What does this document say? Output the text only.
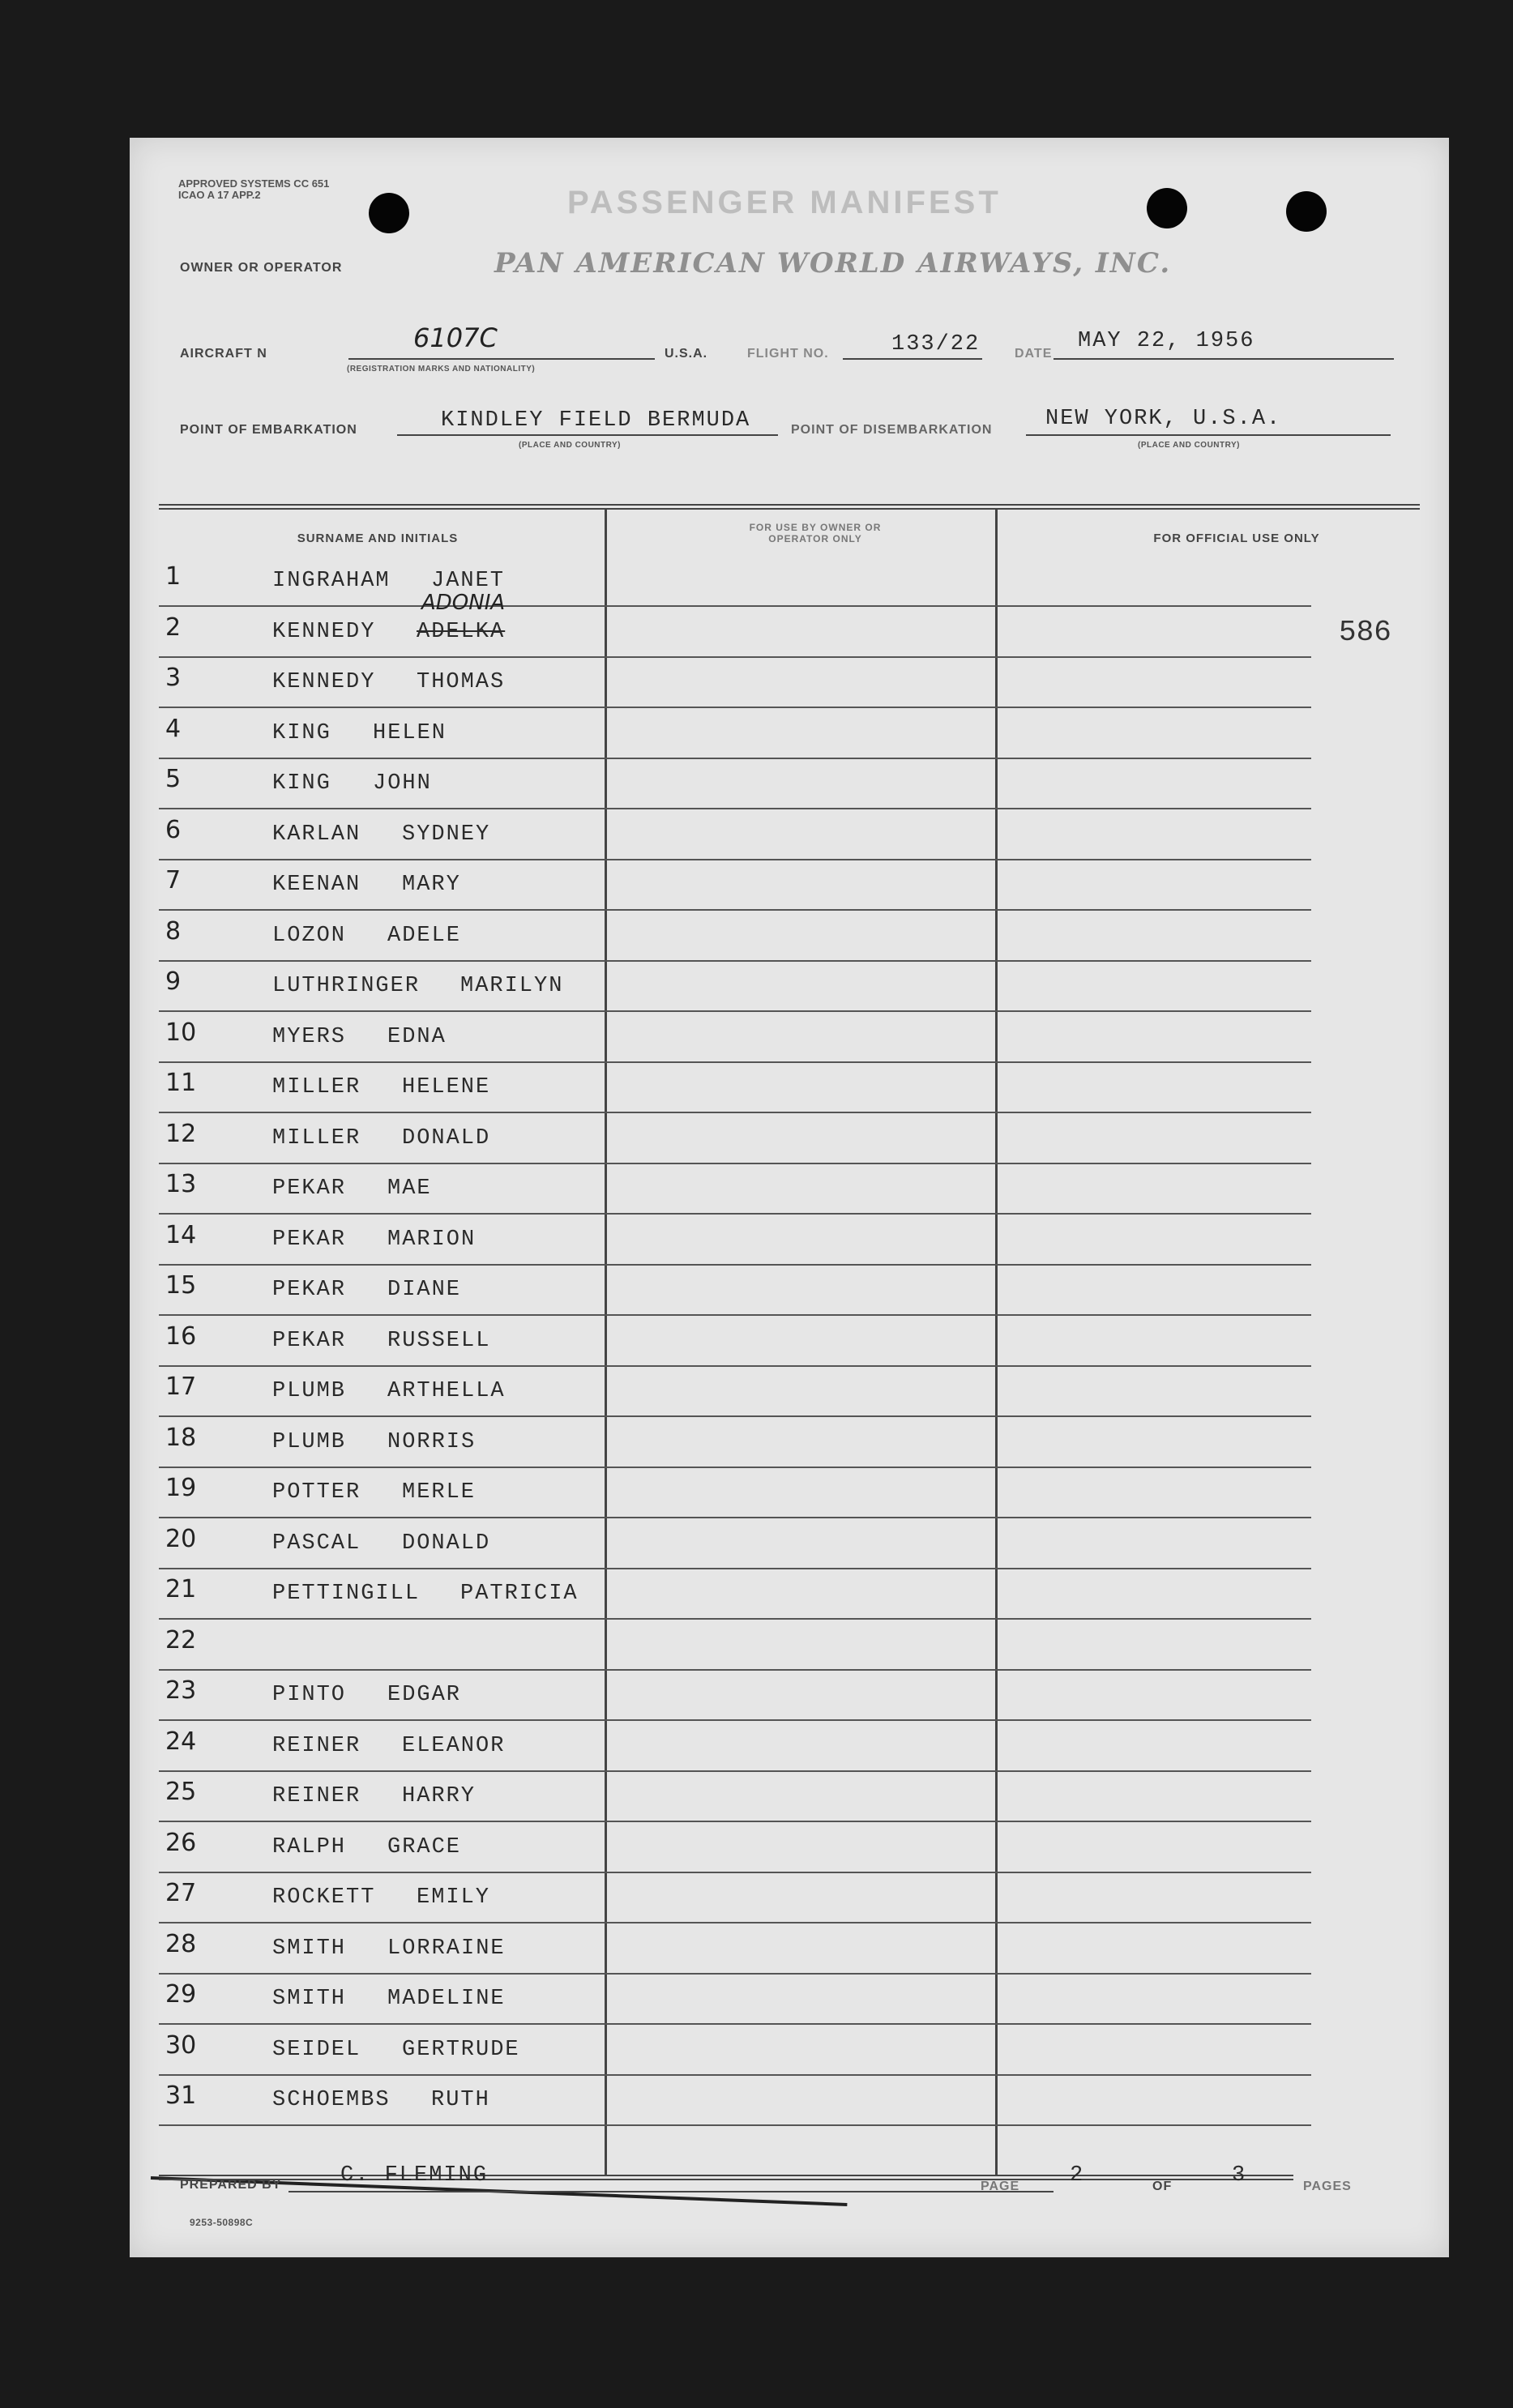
APPROVED SYSTEMS CC 651 ICAO A 17 APP.2	PASSENGER MANIFEST
OWNER OR OPERATOR	PAN AMERICAN WORLD AIRWAYS, INC.
AIRCRAFT N
6107C
(REGISTRATION MARKS AND NATIONALITY)
U.S.A.	FLIGHT NO.	133/22	DATE
MAY 22, 1956
POINT OF EMBARKATION	KINDLEY FIELD BERMUDA
(PLACE AND COUNTRY)
POINT OF DISEMBARKATION NEW YORK, U.S.A.
(PLACE AND COUNTRY)
SURNAME AND INITIALS
FOR USE BY OWNER OR OPERATOR ONLY	FOR OFFICIAL USE ONLY
1	INGRAHAM JANET
ADONIA
2	KENNEDY ADELKA
3	KENNEDY THOMAS
4	KING HELEN
5	KING JOHN
6	KARLAN SYDNEY
7	KEENAN MARY
8	LOZON ADELE
9	LUTHRINGER MARILYN
10	MYERS EDNA
11	MILLER HELENE
12	MILLER DONALD
13	PEKAR MAE
14	PEKAR MARION
15	PEKAR DIANE
16	PEKAR RUSSELL
17	PLUMB ARTHELLA
18	PLUMB NORRIS
19	POTTER MERLE
20	PASCAL DONALD
21	PETTINGILL PATRICIA
22
23	PINTO EDGAR
24	REINER ELEANOR
25	REINER HARRY
26	RALPH GRACE
27	ROCKETT EMILY
28	SMITH LORRAINE
29	SMITH MADELINE
30	SEIDEL GERTRUDE
31	SCHOEMBS RUTH
586
PREPARED BY	C. FLEMING	PAGE 2	OF	3	PAGES
9253-50898C
